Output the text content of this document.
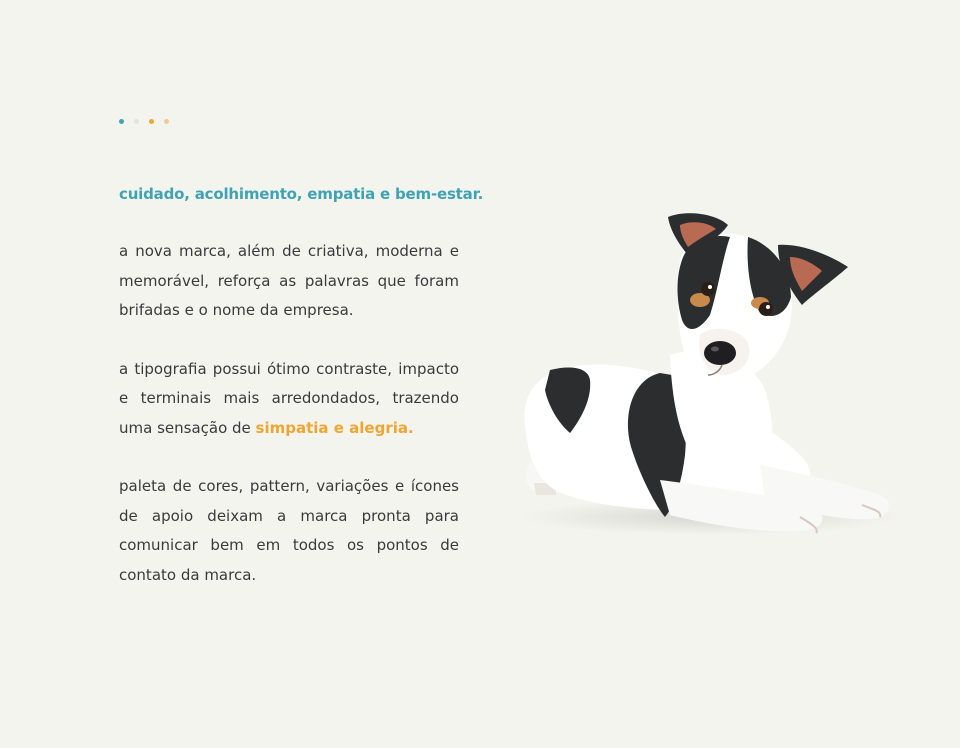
cuidado, acolhimento, empatia e bem-estar.

a nova marca, além de criativa, moderna e memorável, reforça as palavras que foram brifadas e o nome da empresa.

a tipografia possui ótimo contraste, impacto e terminais mais arredondados, trazendo uma sensação de simpatia e alegria.

paleta de cores, pattern, variações e ícones de apoio deixam a marca pronta para comunicar bem em todos os pontos de contato da marca.
